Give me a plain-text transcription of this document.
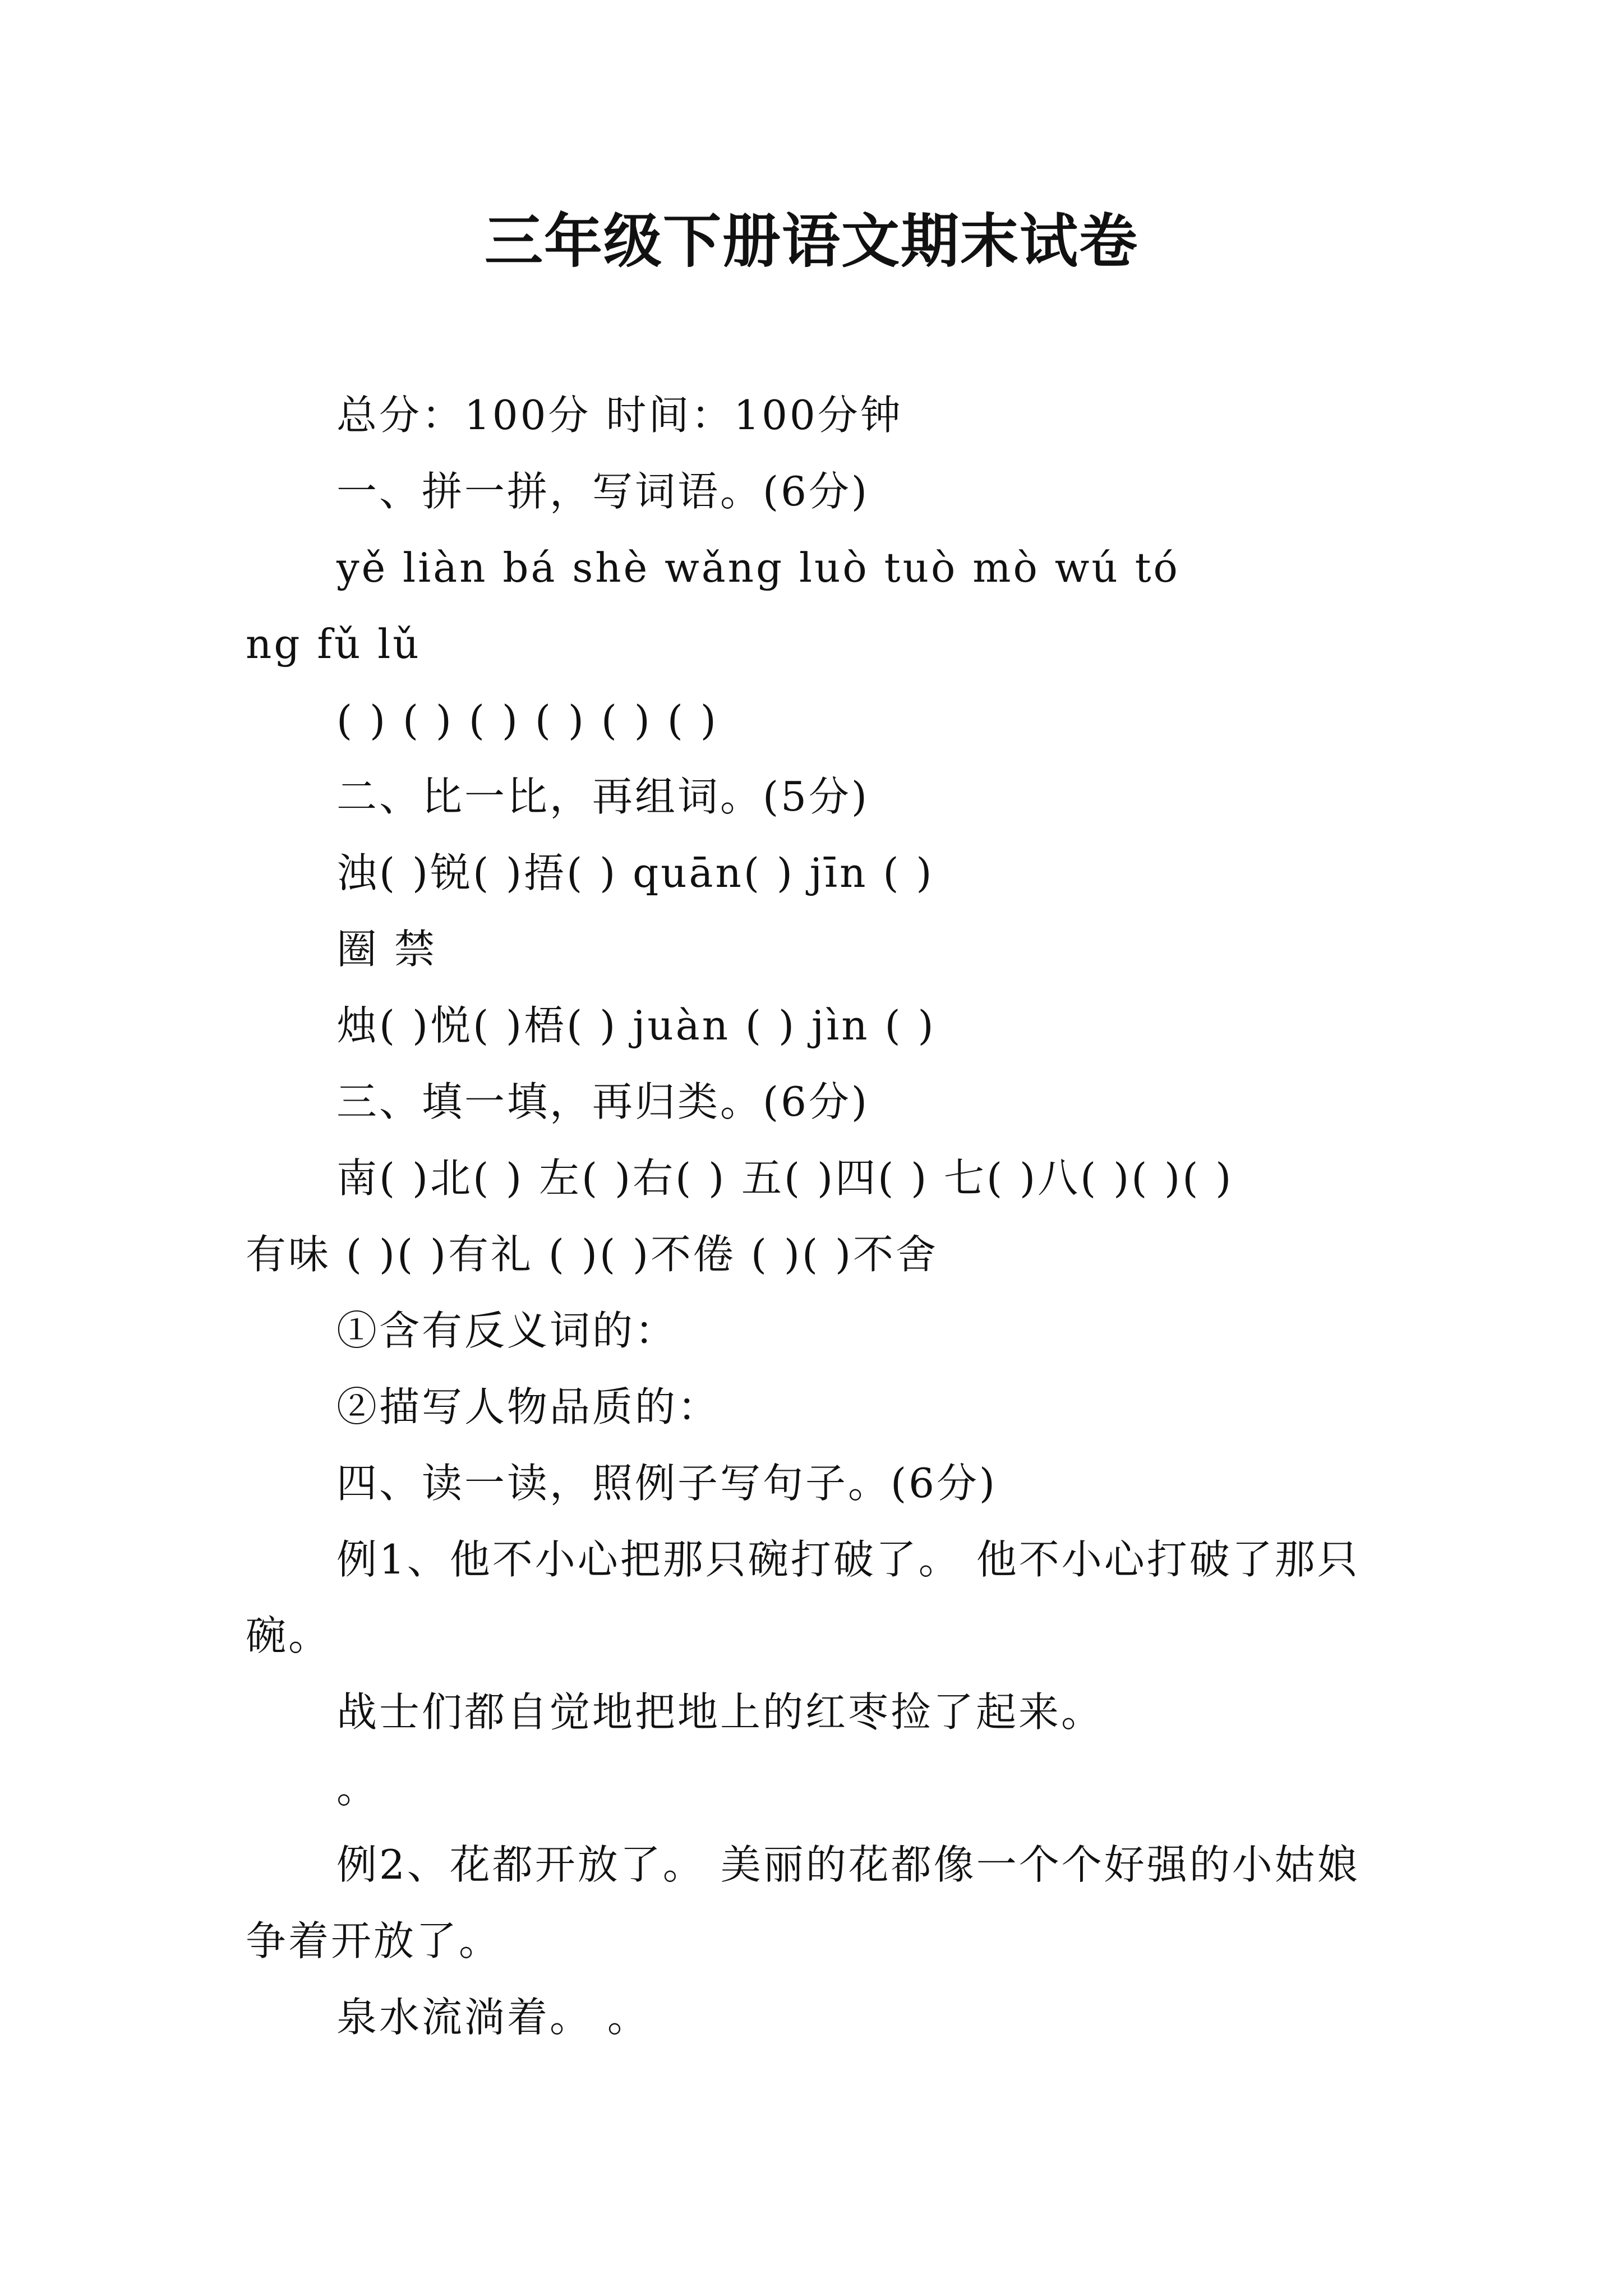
三年级下册语文期末试卷
总分：100分 时间：100分钟
一、拼一拼，写词语。(6分)
yě liàn bá shè wǎng luò tuò mò wú tó
ng fǔ lǔ
( ) ( ) ( ) ( ) ( ) ( )
二、比一比，再组词。(5分)
浊( )锐( )捂( ) quān( ) jīn ( )
圈 禁
烛( )悦( )梧( ) juàn ( ) jìn ( )
三、填一填，再归类。(6分)
南( )北( ) 左( )右( ) 五( )四( ) 七( )八( )( )( )
有味 ( )( )有礼 ( )( )不倦 ( )( )不舍
①含有反义词的：
②描写人物品质的：
四、读一读，照例子写句子。(6分)
例1、他不小心把那只碗打破了。 他不小心打破了那只
碗。
战士们都自觉地把地上的红枣捡了起来。
。
例2、花都开放了。 美丽的花都像一个个好强的小姑娘
争着开放了。
泉水流淌着。 。
